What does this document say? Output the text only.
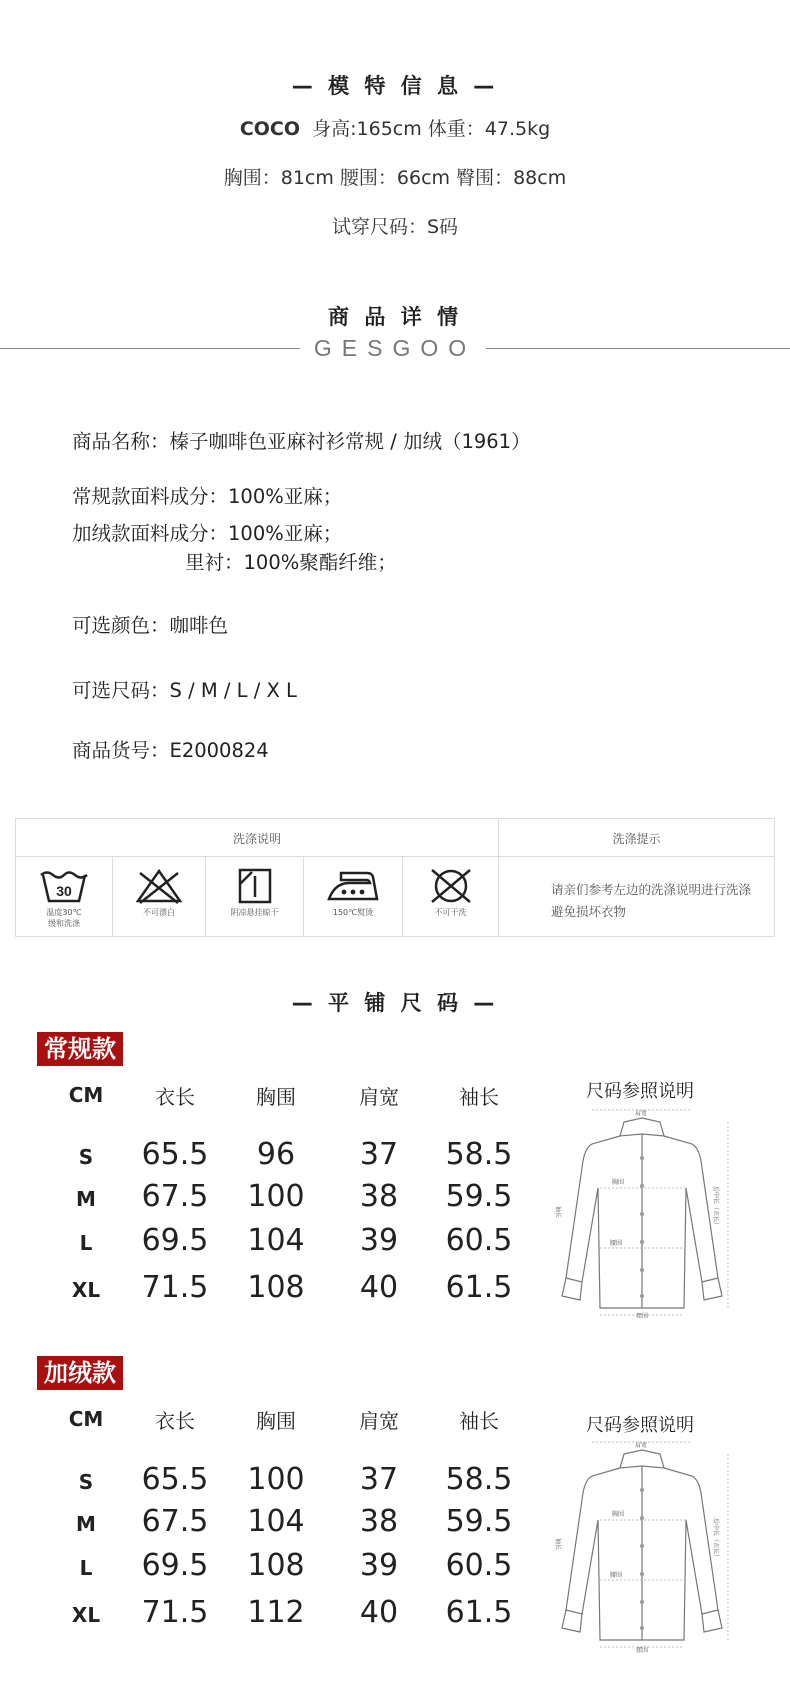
— 模 特 信 息 —
COCO 身高:165cm 体重：47.5kg
胸围：81cm 腰围：66cm 臀围：88cm
试穿尺码：S码
商 品 详 情
GESGOO
商品名称：榛子咖啡色亚麻衬衫常规 / 加绒（1961）
常规款面料成分：100%亚麻；
加绒款面料成分：100%亚麻；
里衬：100%聚酯纤维；
可选颜色：咖啡色
可选尺码：S / M / L / X L
商品货号：E2000824
洗涤说明	洗涤提示
30
温度30℃
缓和洗涤
不可漂白	阴凉悬挂晾干	150℃熨烫	不可干洗
请亲们参考左边的洗涤说明进行洗涤
避免损坏衣物
— 平 铺 尺 码 —
常规款
CM	衣长	胸围	肩宽	袖长
S	65.5	96	37	58.5
M	67.5	100	38	59.5
L	69.5	104	39	60.5
XL	71.5	108	40	61.5
尺码参照说明
肩宽
胸围
袖长
腰围
摆围
后中长（衣长）
加绒款
CM	衣长	胸围	肩宽	袖长
S	65.5	100	37	58.5
M	67.5	104	38	59.5
L	69.5	108	39	60.5
XL	71.5	112	40	61.5
尺码参照说明
肩宽
胸围
袖长
腰围
摆围
后中长（衣长）
